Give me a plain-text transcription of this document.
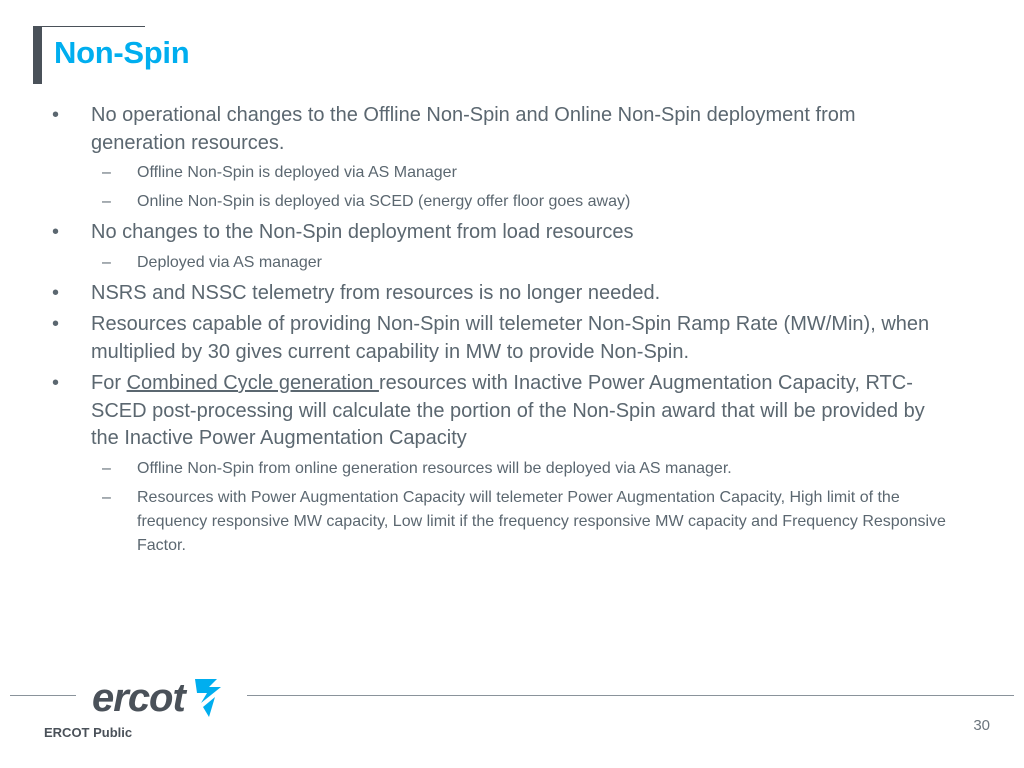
Non-Spin
•	No operational changes to the Offline Non-Spin and Online Non-Spin deployment from generation resources.
– Offline Non-Spin is deployed via AS Manager
– Online Non-Spin is deployed via SCED (energy offer floor goes away)
•	No changes to the Non-Spin deployment from load resources
– Deployed via AS manager
•	NSRS and NSSC telemetry from resources is no longer needed.
•	Resources capable of providing Non-Spin will telemeter Non-Spin Ramp Rate (MW/Min), when multiplied by 30 gives current capability in MW to provide Non-Spin.
•	For Combined Cycle generation resources with Inactive Power Augmentation Capacity, RTC-SCED post-processing will calculate the portion of the Non-Spin award that will be provided by the Inactive Power Augmentation Capacity
– Offline Non-Spin from online generation resources will be deployed via AS manager.
– Resources with Power Augmentation Capacity will telemeter Power Augmentation Capacity, High limit of the frequency responsive MW capacity, Low limit if the frequency responsive MW capacity and Frequency Responsive Factor.
ercot
ERCOT Public	30
